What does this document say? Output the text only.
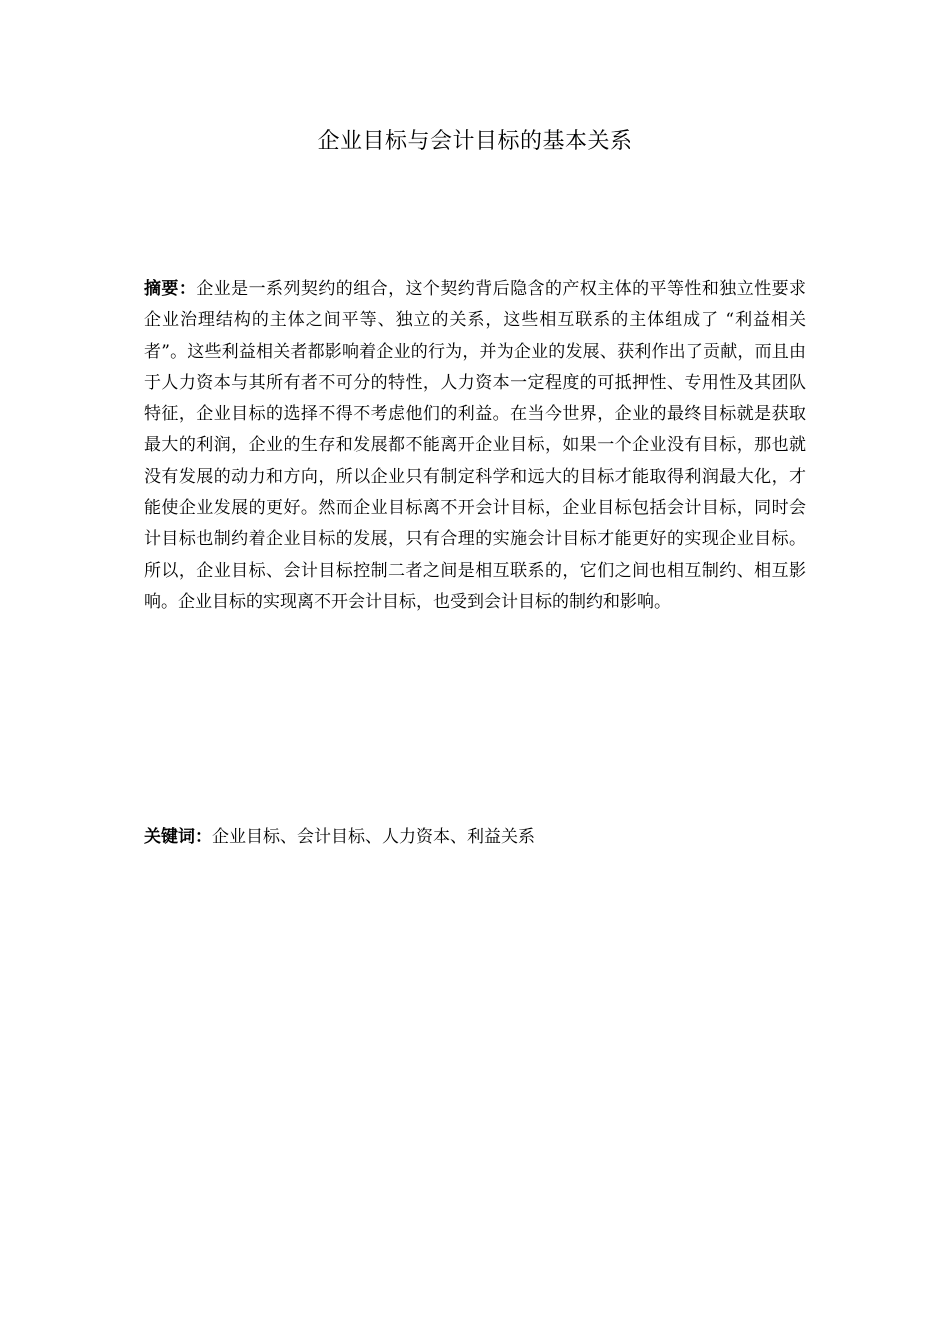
企业目标与会计目标的基本关系

摘要：企业是一系列契约的组合，这个契约背后隐含的产权主体的平等性和独立性要求企业治理结构的主体之间平等、独立的关系，这些相互联系的主体组成了 “利益相关者”。这些利益相关者都影响着企业的行为，并为企业的发展、获利作出了贡献，而且由于人力资本与其所有者不可分的特性，人力资本一定程度的可抵押性、专用性及其团队特征，企业目标的选择不得不考虑他们的利益。在当今世界，企业的最终目标就是获取最大的利润，企业的生存和发展都不能离开企业目标，如果一个企业没有目标，那也就没有发展的动力和方向，所以企业只有制定科学和远大的目标才能取得利润最大化，才能使企业发展的更好。然而企业目标离不开会计目标，企业目标包括会计目标，同时会计目标也制约着企业目标的发展，只有合理的实施会计目标才能更好的实现企业目标。所以，企业目标、会计目标控制二者之间是相互联系的，它们之间也相互制约、相互影响。企业目标的实现离不开会计目标，也受到会计目标的制约和影响。

关键词：企业目标、会计目标、人力资本、利益关系
